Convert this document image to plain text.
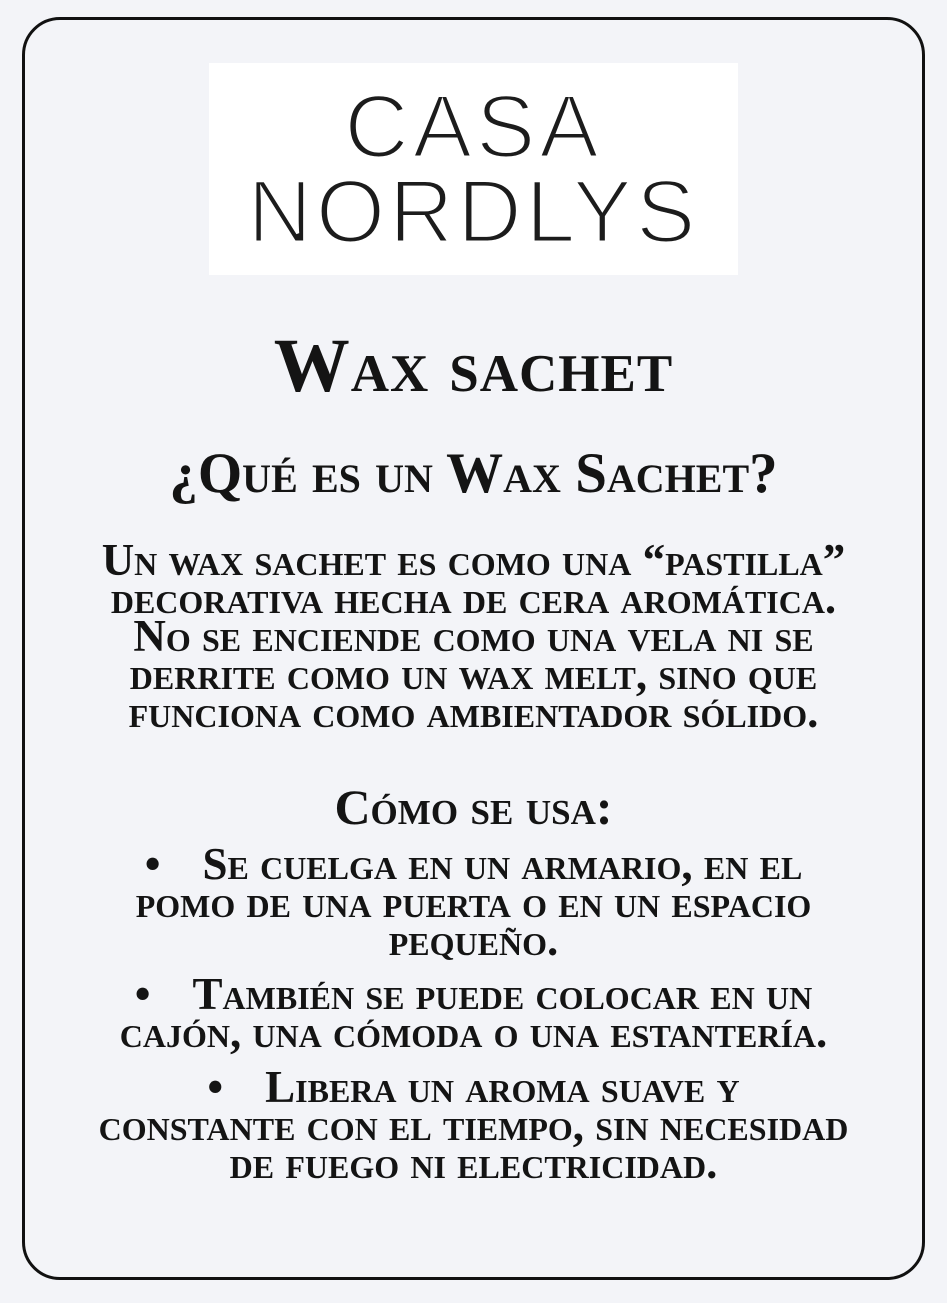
CASA
NORDLYS
Wax sachet
¿Qué es un Wax Sachet?
Un wax sachet es como una “pastilla”
decorativa hecha de cera aromática.
No se enciende como una vela ni se
derrite como un wax melt, sino que
funciona como ambientador sólido.
Cómo se usa:
• Se cuelga en un armario, en el
pomo de una puerta o en un espacio
pequeño.
• También se puede colocar en un
cajón, una cómoda o una estantería.
• Libera un aroma suave y
constante con el tiempo, sin necesidad
de fuego ni electricidad.
